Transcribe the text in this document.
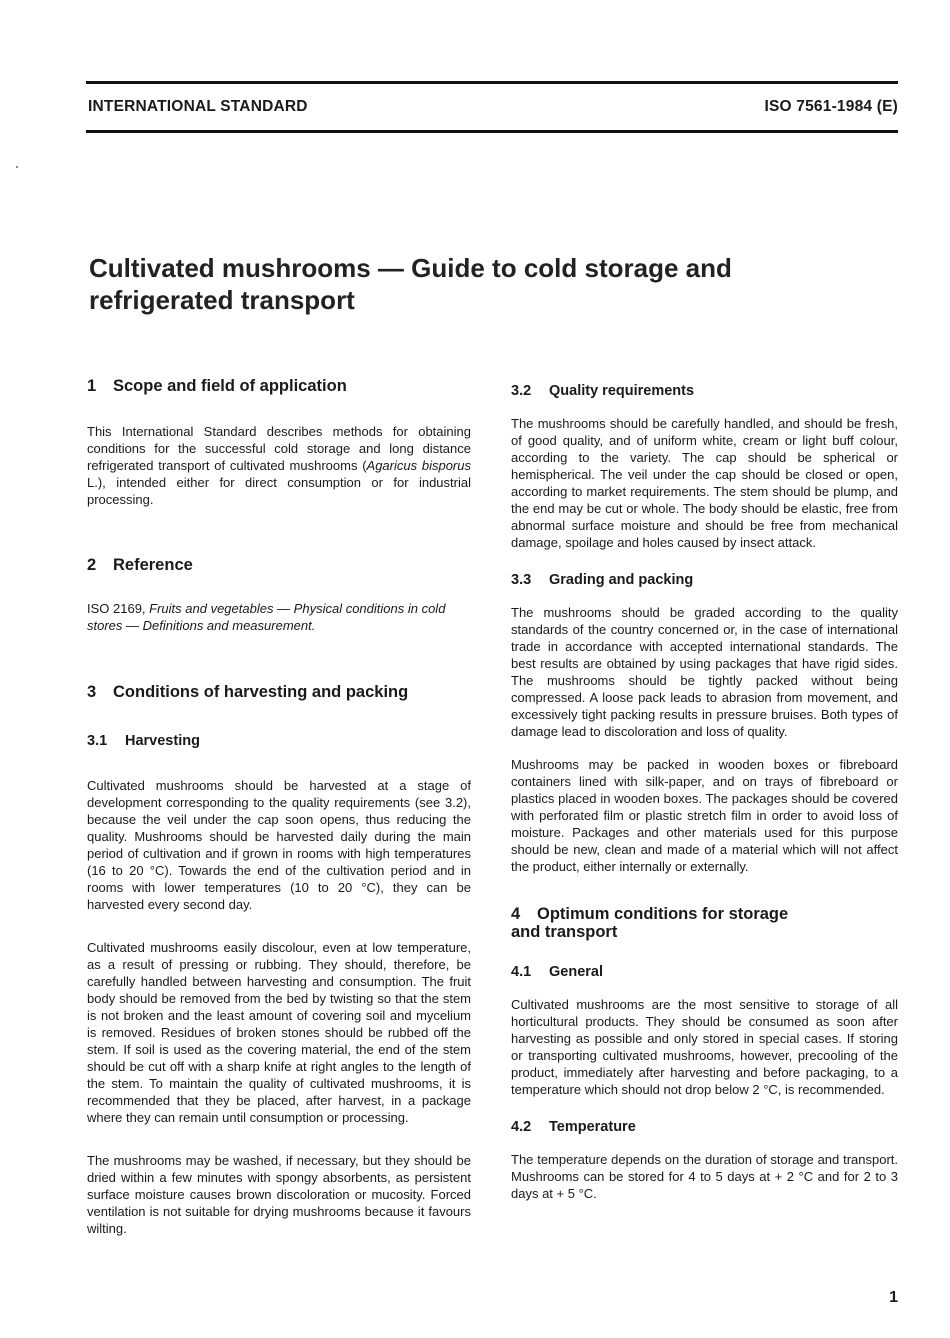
INTERNATIONAL STANDARD	ISO 7561-1984 (E)
Cultivated mushrooms — Guide to cold storage and refrigerated transport
1 Scope and field of application

This International Standard describes methods for obtaining conditions for the successful cold storage and long distance refrigerated transport of cultivated mushrooms (Agaricus bisporus L.), intended either for direct consumption or for industrial processing.

2 Reference

ISO 2169, Fruits and vegetables — Physical conditions in cold stores — Definitions and measurement.

3 Conditions of harvesting and packing
3.1 Harvesting

Cultivated mushrooms should be harvested at a stage of development corresponding to the quality requirements (see 3.2), because the veil under the cap soon opens, thus reducing the quality. Mushrooms should be harvested daily during the main period of cultivation and if grown in rooms with high temperatures (16 to 20 °C). Towards the end of the cultivation period and in rooms with lower temperatures (10 to 20 °C), they can be harvested every second day.

Cultivated mushrooms easily discolour, even at low temperature, as a result of pressing or rubbing. They should, therefore, be carefully handled between harvesting and consumption. The fruit body should be removed from the bed by twisting so that the stem is not broken and the least amount of covering soil and mycelium is removed. Residues of broken stones should be rubbed off the stem. If soil is used as the covering material, the end of the stem should be cut off with a sharp knife at right angles to the length of the stem. To maintain the quality of cultivated mushrooms, it is recommended that they be placed, after harvest, in a package where they can remain until consumption or processing.

The mushrooms may be washed, if necessary, but they should be dried within a few minutes with spongy absorbents, as persistent surface moisture causes brown discoloration or mucosity. Forced ventilation is not suitable for drying mushrooms because it favours wilting.

3.2 Quality requirements

The mushrooms should be carefully handled, and should be fresh, of good quality, and of uniform white, cream or light buff colour, according to the variety. The cap should be spherical or hemispherical. The veil under the cap should be closed or open, according to market requirements. The stem should be plump, and the end may be cut or whole. The body should be elastic, free from abnormal surface moisture and should be free from mechanical damage, spoilage and holes caused by insect attack.

3.3 Grading and packing

The mushrooms should be graded according to the quality standards of the country concerned or, in the case of international trade in accordance with accepted international standards. The best results are obtained by using packages that have rigid sides. The mushrooms should be tightly packed without being compressed. A loose pack leads to abrasion from movement, and excessively tight packing results in pressure bruises. Both types of damage lead to discoloration and loss of quality.

Mushrooms may be packed in wooden boxes or fibreboard containers lined with silk-paper, and on trays of fibreboard or plastics placed in wooden boxes. The packages should be covered with perforated film or plastic stretch film in order to avoid loss of moisture. Packages and other materials used for this purpose should be new, clean and made of a material which will not affect the product, either internally or externally.

4 Optimum conditions for storage
and transport
4.1 General

Cultivated mushrooms are the most sensitive to storage of all horticultural products. They should be consumed as soon after harvesting as possible and only stored in special cases. If storing or transporting cultivated mushrooms, however, precooling of the product, immediately after harvesting and before packaging, to a temperature which should not drop below 2 °C, is recommended.

4.2 Temperature

The temperature depends on the duration of storage and transport. Mushrooms can be stored for 4 to 5 days at + 2 °C and for 2 to 3 days at + 5 °C.

1
